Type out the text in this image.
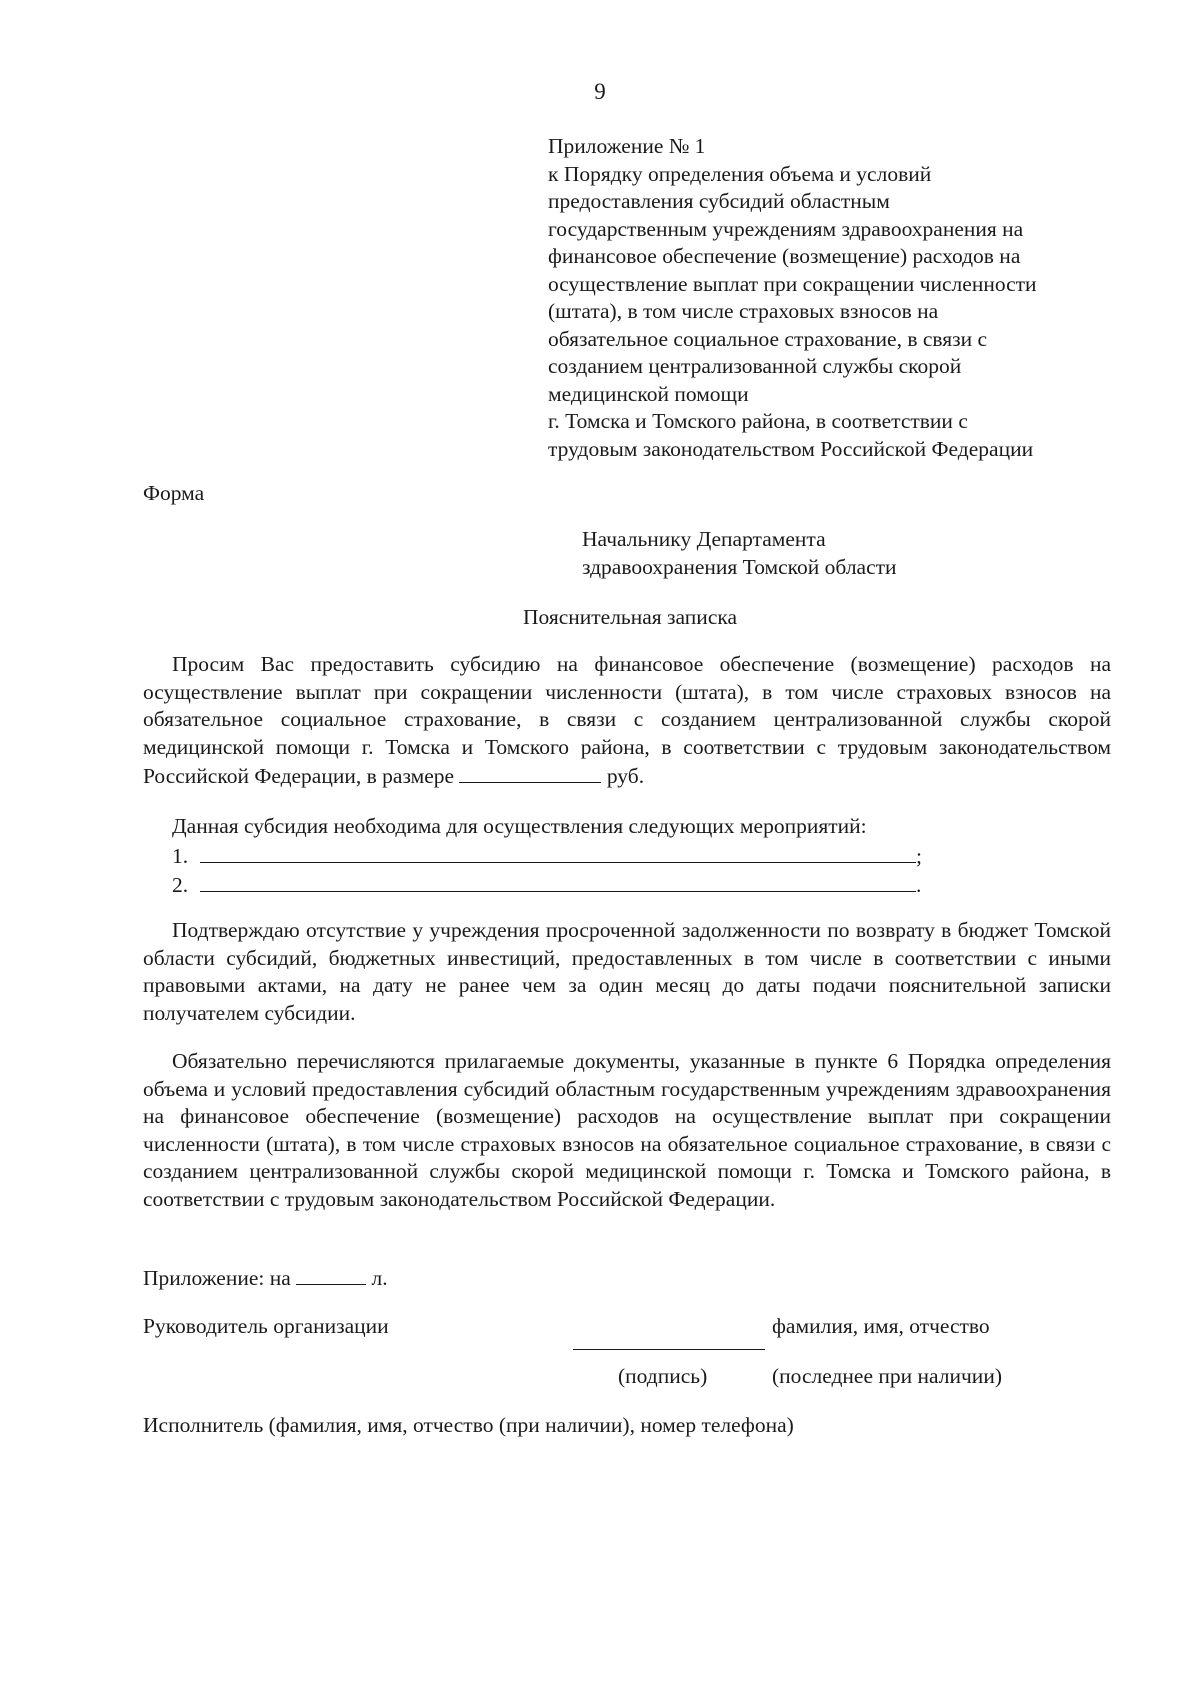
9
Приложение № 1
к Порядку определения объема и условий
предоставления субсидий областным
государственным учреждениям здравоохранения на
финансовое обеспечение (возмещение) расходов на
осуществление выплат при сокращении численности
(штата), в том числе страховых взносов на
обязательное социальное страхование, в связи с
созданием централизованной службы скорой
медицинской помощи
г. Томска и Томского района, в соответствии с
трудовым законодательством Российской Федерации
Форма
Начальнику Департамента
здравоохранения Томской области
Пояснительная записка
Просим Вас предоставить субсидию на финансовое обеспечение (возмещение) расходов на осуществление выплат при сокращении численности (штата), в том числе страховых взносов на обязательное социальное страхование, в связи с созданием централизованной службы скорой медицинской помощи г. Томска и Томского района, в соответствии с трудовым законодательством Российской Федерации, в размере	руб.
Данная субсидия необходима для осуществления следующих мероприятий:
1.	;
2.	.
Подтверждаю отсутствие у учреждения просроченной задолженности по возврату в бюджет Томской области субсидий, бюджетных инвестиций, предоставленных в том числе в соответствии с иными правовыми актами, на дату не ранее чем за один месяц до даты подачи пояснительной записки получателем субсидии.
Обязательно перечисляются прилагаемые документы, указанные в пункте 6 Порядка определения объема и условий предоставления субсидий областным государственным учреждениям здравоохранения на финансовое обеспечение (возмещение) расходов на осуществление выплат при сокращении численности (штата), в том числе страховых взносов на обязательное социальное страхование, в связи с созданием централизованной службы скорой медицинской помощи г. Томска и Томского района, в соответствии с трудовым законодательством Российской Федерации.
Приложение: на	л.
Руководитель организации	фамилия, имя, отчество
(подпись)	(последнее при наличии)
Исполнитель (фамилия, имя, отчество (при наличии), номер телефона)
